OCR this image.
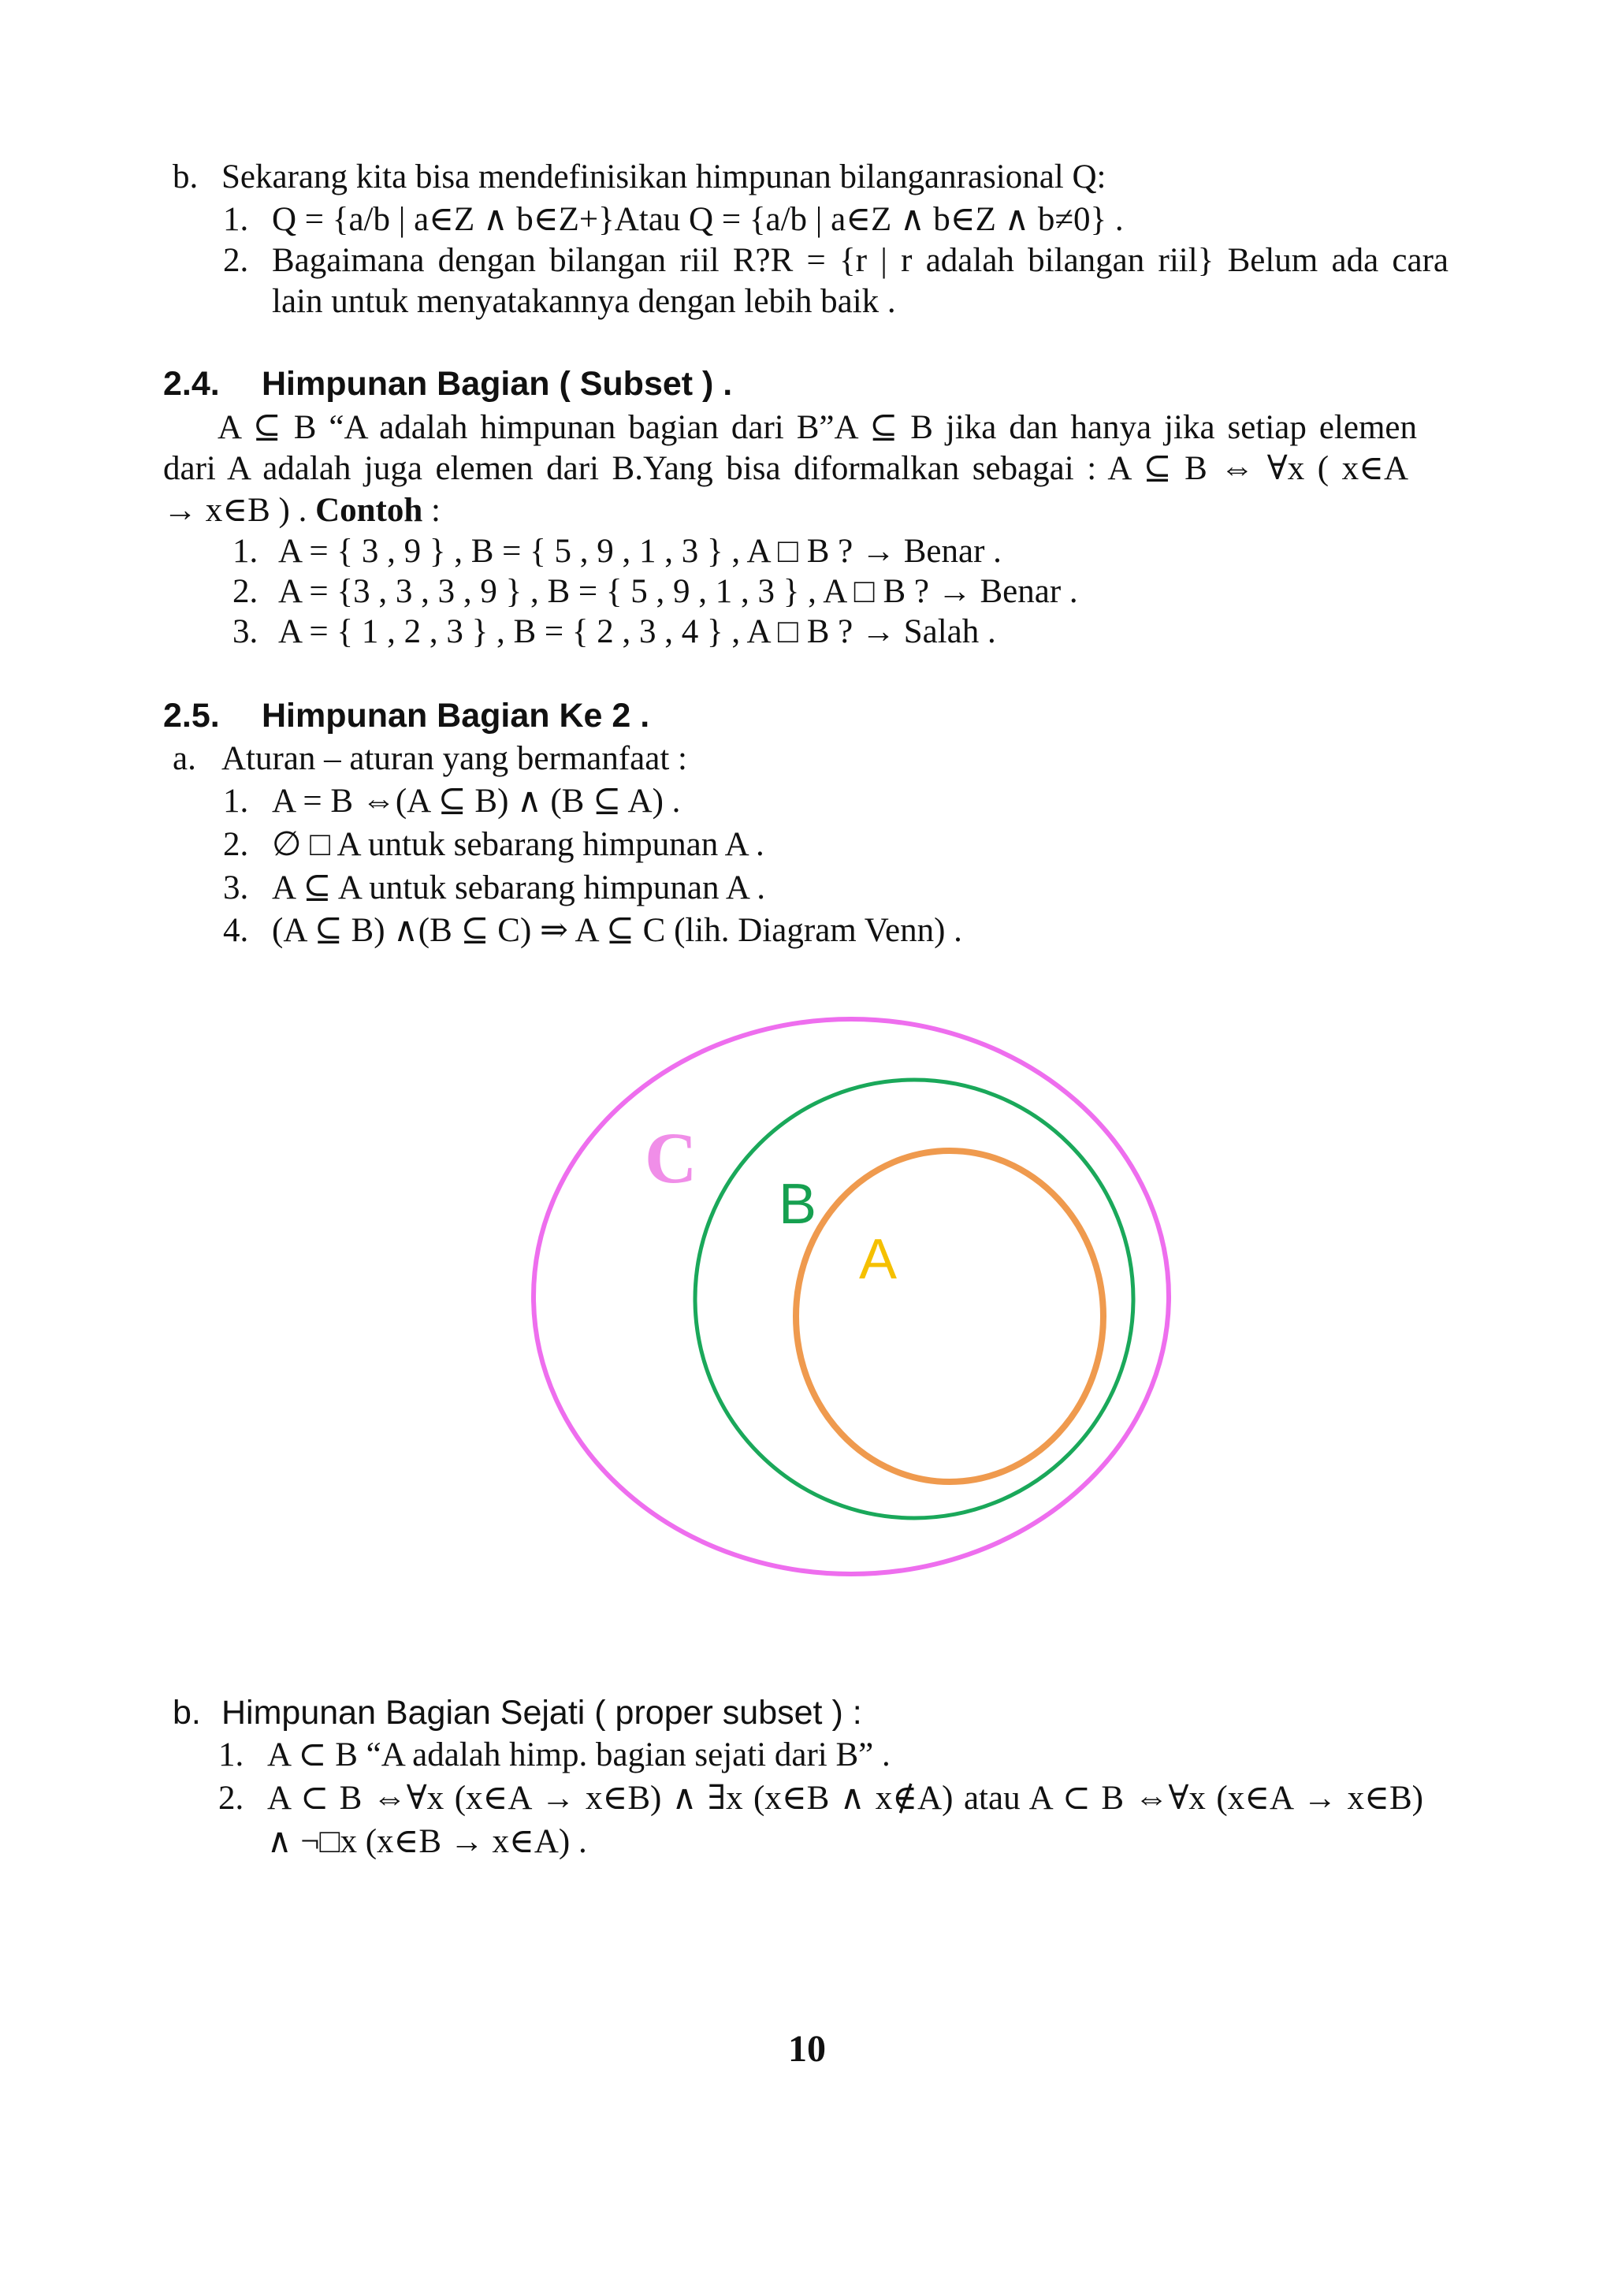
b. Sekarang kita bisa mendefinisikan himpunan bilanganrasional Q:
1. Q = {a/b | a∈Z ∧ b∈Z+}Atau Q = {a/b | a∈Z ∧ b∈Z ∧ b≠0} .
2. Bagaimana dengan bilangan riil R?R = {r | r adalah bilangan riil} Belum ada cara
lain untuk menyatakannya dengan lebih baik .
2.4. Himpunan Bagian ( Subset ) .
A ⊆ B “A adalah himpunan bagian dari B”A ⊆ B jika dan hanya jika setiap elemen
dari A adalah juga elemen dari B.Yang bisa diformalkan sebagai : A ⊆ B ⇔ ∀x ( x∈A
→ x∈B ) . Contoh :
1. A = { 3 , 9 } , B = { 5 , 9 , 1 , 3 } , A □ B ? → Benar .
2. A = {3 , 3 , 3 , 9 } , B = { 5 , 9 , 1 , 3 } , A □ B ? → Benar .
3. A = { 1 , 2 , 3 } , B = { 2 , 3 , 4 } , A □ B ? → Salah .
2.5. Himpunan Bagian Ke 2 .
a. Aturan – aturan yang bermanfaat :
1. A = B ⇔(A ⊆ B) ∧ (B ⊆ A) .
2. ∅ □ A untuk sebarang himpunan A .
3. A ⊆ A untuk sebarang himpunan A .
4. (A ⊆ B) ∧(B ⊆ C) ⇒ A ⊆ C (lih. Diagram Venn) .
C
B
A
b. Himpunan Bagian Sejati ( proper subset ) :
1. A ⊂ B “A adalah himp. bagian sejati dari B” .
2. A ⊂ B ⇔∀x (x∈A → x∈B) ∧ ∃x (x∈B ∧ x∉A) atau A ⊂ B ⇔∀x (x∈A → x∈B)
∧ ¬□x (x∈B → x∈A) .
10
